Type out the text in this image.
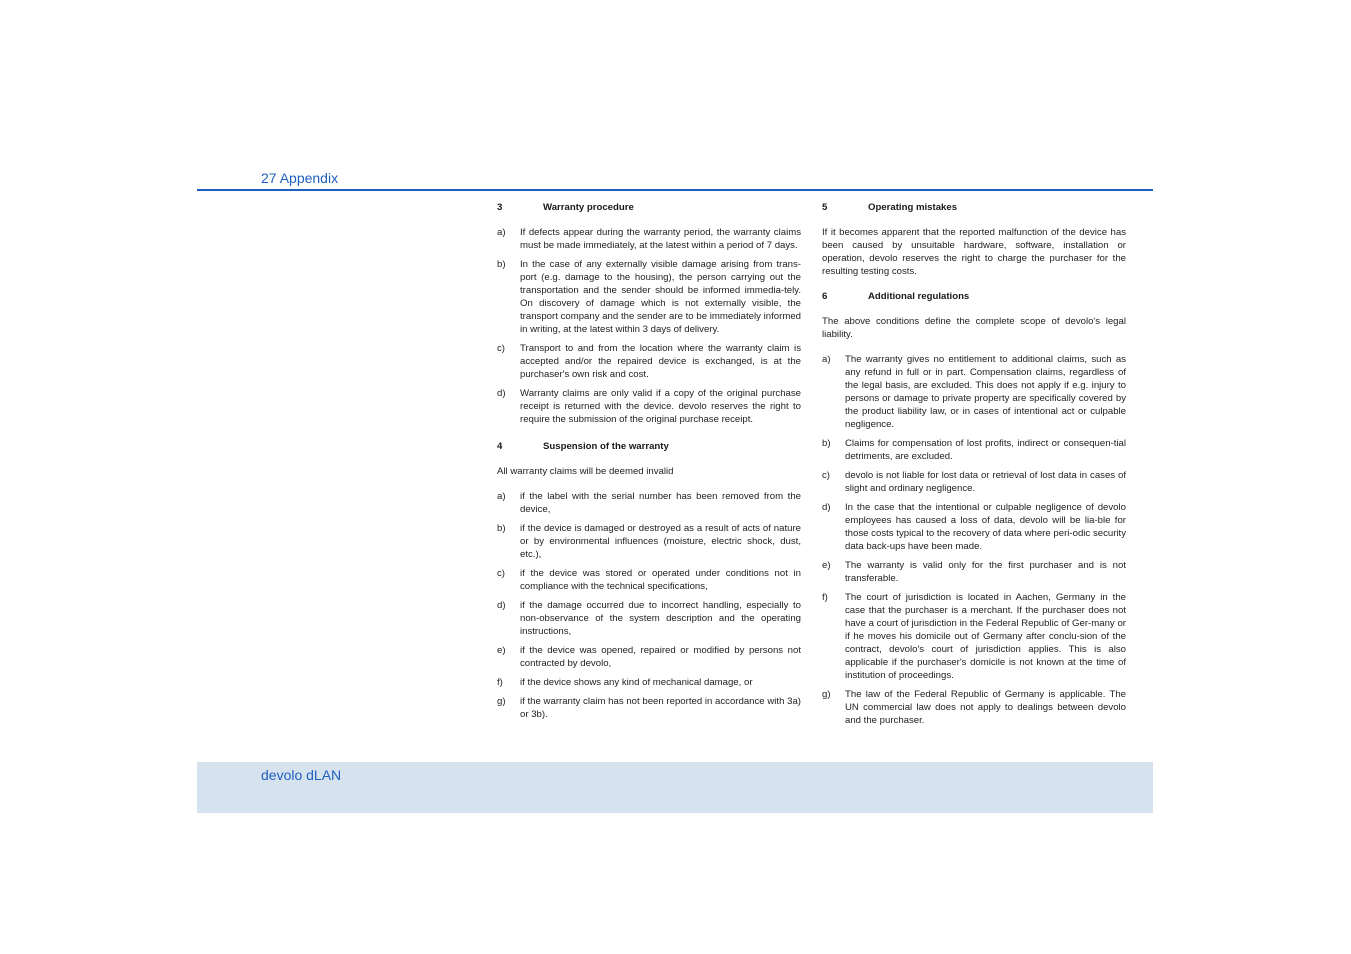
27 Appendix
3	Warranty procedure
a)	If defects appear during the warranty period, the warranty claims must be made immediately, at the latest within a period of 7 days.
b)	In the case of any externally visible damage arising from trans-port (e.g. damage to the housing), the person carrying out the transportation and the sender should be informed immedia-tely. On discovery of damage which is not externally visible, the transport company and the sender are to be immediately informed in writing, at the latest within 3 days of delivery.
c)	Transport to and from the location where the warranty claim is accepted and/or the repaired device is exchanged, is at the purchaser's own risk and cost.
d)	Warranty claims are only valid if a copy of the original purchase receipt is returned with the device. devolo reserves the right to require the submission of the original purchase receipt.
4	Suspension of the warranty
All warranty claims will be deemed invalid
a)	if the label with the serial number has been removed from the device,
b)	if the device is damaged or destroyed as a result of acts of nature or by environmental influences (moisture, electric shock, dust, etc.),
c)	if the device was stored or operated under conditions not in compliance with the technical specifications,
d)	if the damage occurred due to incorrect handling, especially to non-observance of the system description and the operating instructions,
e)	if the device was opened, repaired or modified by persons not contracted by devolo,
f)	if the device shows any kind of mechanical damage, or
g)	if the warranty claim has not been reported in accordance with 3a) or 3b).
5	Operating mistakes
If it becomes apparent that the reported malfunction of the device has been caused by unsuitable hardware, software, installation or operation, devolo reserves the right to charge the purchaser for the resulting testing costs.
6	Additional regulations
The above conditions define the complete scope of devolo's legal liability.
a)	The warranty gives no entitlement to additional claims, such as any refund in full or in part. Compensation claims, regardless of the legal basis, are excluded. This does not apply if e.g. injury to persons or damage to private property are specifically covered by the product liability law, or in cases of intentional act or culpable negligence.
b)	Claims for compensation of lost profits, indirect or consequen-tial detriments, are excluded.
c)	devolo is not liable for lost data or retrieval of lost data in cases of slight and ordinary negligence.
d)	In the case that the intentional or culpable negligence of devolo employees has caused a loss of data, devolo will be lia-ble for those costs typical to the recovery of data where peri-odic security data back-ups have been made.
e)	The warranty is valid only for the first purchaser and is not transferable.
f)	The court of jurisdiction is located in Aachen, Germany in the case that the purchaser is a merchant. If the purchaser does not have a court of jurisdiction in the Federal Republic of Ger-many or if he moves his domicile out of Germany after conclu-sion of the contract, devolo's court of jurisdiction applies. This is also applicable if the purchaser's domicile is not known at the time of institution of proceedings.
g)	The law of the Federal Republic of Germany is applicable. The UN commercial law does not apply to dealings between devolo and the purchaser.
devolo dLAN
